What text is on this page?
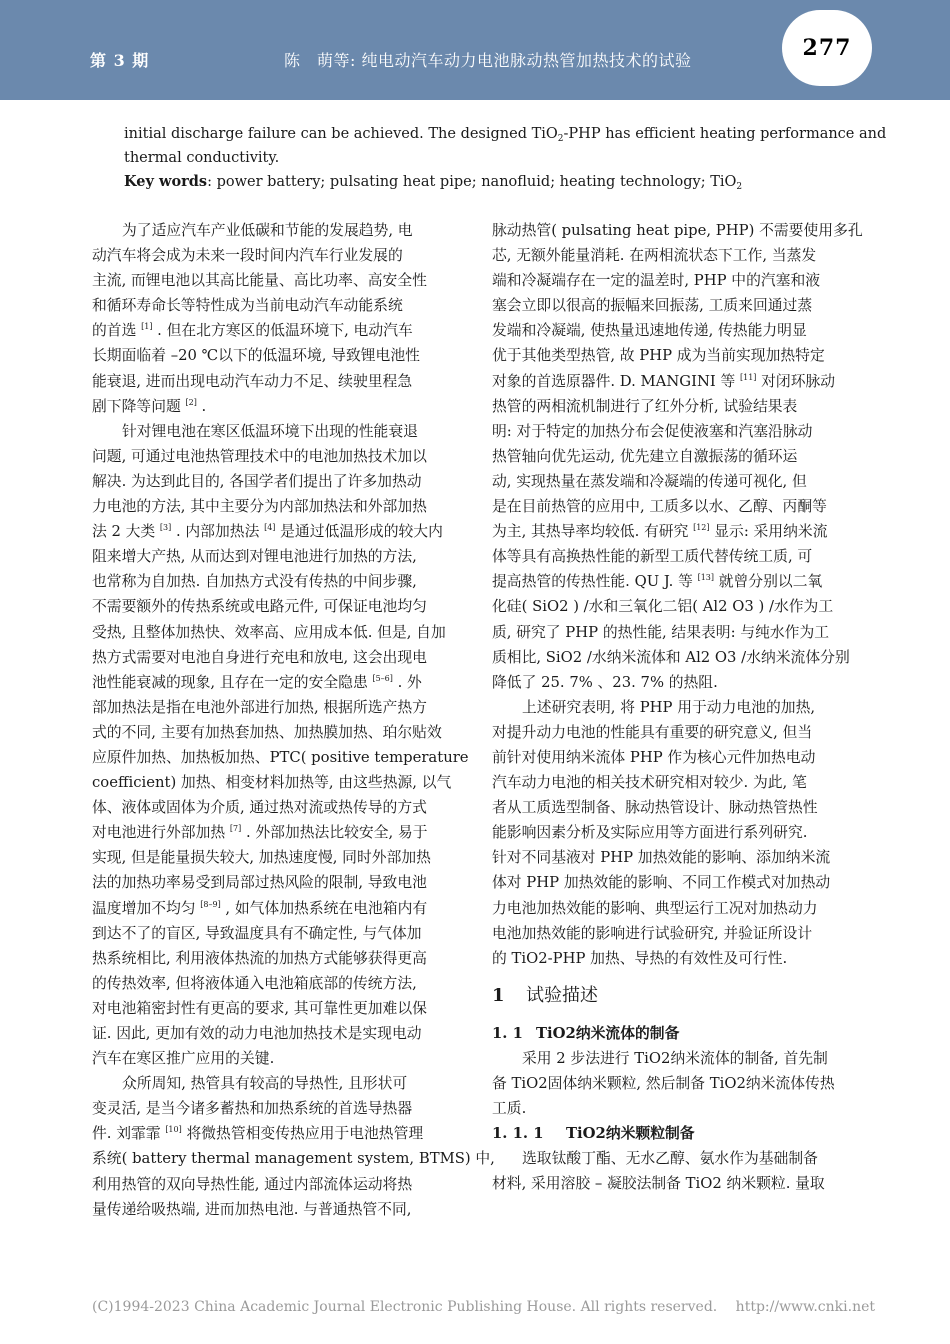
第 3 期	陈　萌等: 纯电动汽车动力电池脉动热管加热技术的试验	277
initial discharge failure can be achieved. The designed TiO$_2$-PHP has efficient heating performance and
thermal conductivity.
Key words: power battery; pulsating heat pipe; nanofluid; heating technology; TiO$_2$
为了适应汽车产业低碳和节能的发展趋势, 电
动汽车将会成为未来一段时间内汽车行业发展的
主流, 而锂电池以其高比能量、高比功率、高安全性
和循环寿命长等特性成为当前电动汽车动能系统
的首选 [1] . 但在北方寒区的低温环境下, 电动汽车
长期面临着 –20 ℃以下的低温环境, 导致锂电池性
能衰退, 进而出现电动汽车动力不足、续驶里程急
剧下降等问题 [2] .
针对锂电池在寒区低温环境下出现的性能衰退
问题, 可通过电池热管理技术中的电池加热技术加以
解决. 为达到此目的, 各国学者们提出了许多加热动
力电池的方法, 其中主要分为内部加热法和外部加热
法 2 大类 [3] . 内部加热法 [4] 是通过低温形成的较大内
阻来增大产热, 从而达到对锂电池进行加热的方法,
也常称为自加热. 自加热方式没有传热的中间步骤,
不需要额外的传热系统或电路元件, 可保证电池均匀
受热, 且整体加热快、效率高、应用成本低. 但是, 自加
热方式需要对电池自身进行充电和放电, 这会出现电
池性能衰减的现象, 且存在一定的安全隐患 [5–6] . 外
部加热法是指在电池外部进行加热, 根据所选产热方
式的不同, 主要有加热套加热、加热膜加热、珀尔贴效
应原件加热、加热板加热、PTC( positive temperature
coefficient) 加热、相变材料加热等, 由这些热源, 以气
体、液体或固体为介质, 通过热对流或热传导的方式
对电池进行外部加热 [7] . 外部加热法比较安全, 易于
实现, 但是能量损失较大, 加热速度慢, 同时外部加热
法的加热功率易受到局部过热风险的限制, 导致电池
温度增加不均匀 [8–9] , 如气体加热系统在电池箱内有
到达不了的盲区, 导致温度具有不确定性, 与气体加
热系统相比, 利用液体热流的加热方式能够获得更高
的传热效率, 但将液体通入电池箱底部的传统方法,
对电池箱密封性有更高的要求, 其可靠性更加难以保
证. 因此, 更加有效的动力电池加热技术是实现电动
汽车在寒区推广应用的关键.
众所周知, 热管具有较高的导热性, 且形状可
变灵活, 是当今诸多蓄热和加热系统的首选导热器
件. 刘霏霏 [10] 将微热管相变传热应用于电池热管理
系统( battery thermal management system, BTMS) 中,
利用热管的双向导热性能, 通过内部流体运动将热
量传递给吸热端, 进而加热电池. 与普通热管不同,
脉动热管( pulsating heat pipe, PHP) 不需要使用多孔
芯, 无额外能量消耗. 在两相流状态下工作, 当蒸发
端和冷凝端存在一定的温差时, PHP 中的汽塞和液
塞会立即以很高的振幅来回振荡, 工质来回通过蒸
发端和冷凝端, 使热量迅速地传递, 传热能力明显
优于其他类型热管, 故 PHP 成为当前实现加热特定
对象的首选原器件. D. MANGINI 等 [11] 对闭环脉动
热管的两相流机制进行了红外分析, 试验结果表
明: 对于特定的加热分布会促使液塞和汽塞沿脉动
热管轴向优先运动, 优先建立自激振荡的循环运
动, 实现热量在蒸发端和冷凝端的传递可视化, 但
是在目前热管的应用中, 工质多以水、乙醇、丙酮等
为主, 其热导率均较低. 有研究 [12] 显示: 采用纳米流
体等具有高换热性能的新型工质代替传统工质, 可
提高热管的传热性能. QU J. 等 [13] 就曾分别以二氧
化硅( SiO2 ) /水和三氧化二铝( Al2 O3 ) /水作为工
质, 研究了 PHP 的热性能, 结果表明: 与纯水作为工
质相比, SiO2 /水纳米流体和 Al2 O3 /水纳米流体分别
降低了 25. 7% 、23. 7% 的热阻.
上述研究表明, 将 PHP 用于动力电池的加热,
对提升动力电池的性能具有重要的研究意义, 但当
前针对使用纳米流体 PHP 作为核心元件加热电动
汽车动力电池的相关技术研究相对较少. 为此, 笔
者从工质选型制备、脉动热管设计、脉动热管热性
能影响因素分析及实际应用等方面进行系列研究.
针对不同基液对 PHP 加热效能的影响、添加纳米流
体对 PHP 加热效能的影响、不同工作模式对加热动
力电池加热效能的影响、典型运行工况对加热动力
电池加热效能的影响进行试验研究, 并验证所设计
的 TiO2-PHP 加热、导热的有效性及可行性.
1 试验描述
1. 1 TiO2纳米流体的制备
采用 2 步法进行 TiO2纳米流体的制备, 首先制
备 TiO2固体纳米颗粒, 然后制备 TiO2纳米流体传热
工质.
1. 1. 1 TiO2纳米颗粒制备
选取钛酸丁酯、无水乙醇、氨水作为基础制备
材料, 采用溶胶 – 凝胶法制备 TiO2 纳米颗粒. 量取
(C)1994-2023 China Academic Journal Electronic Publishing House. All rights reserved.　 http://www.cnki.net
